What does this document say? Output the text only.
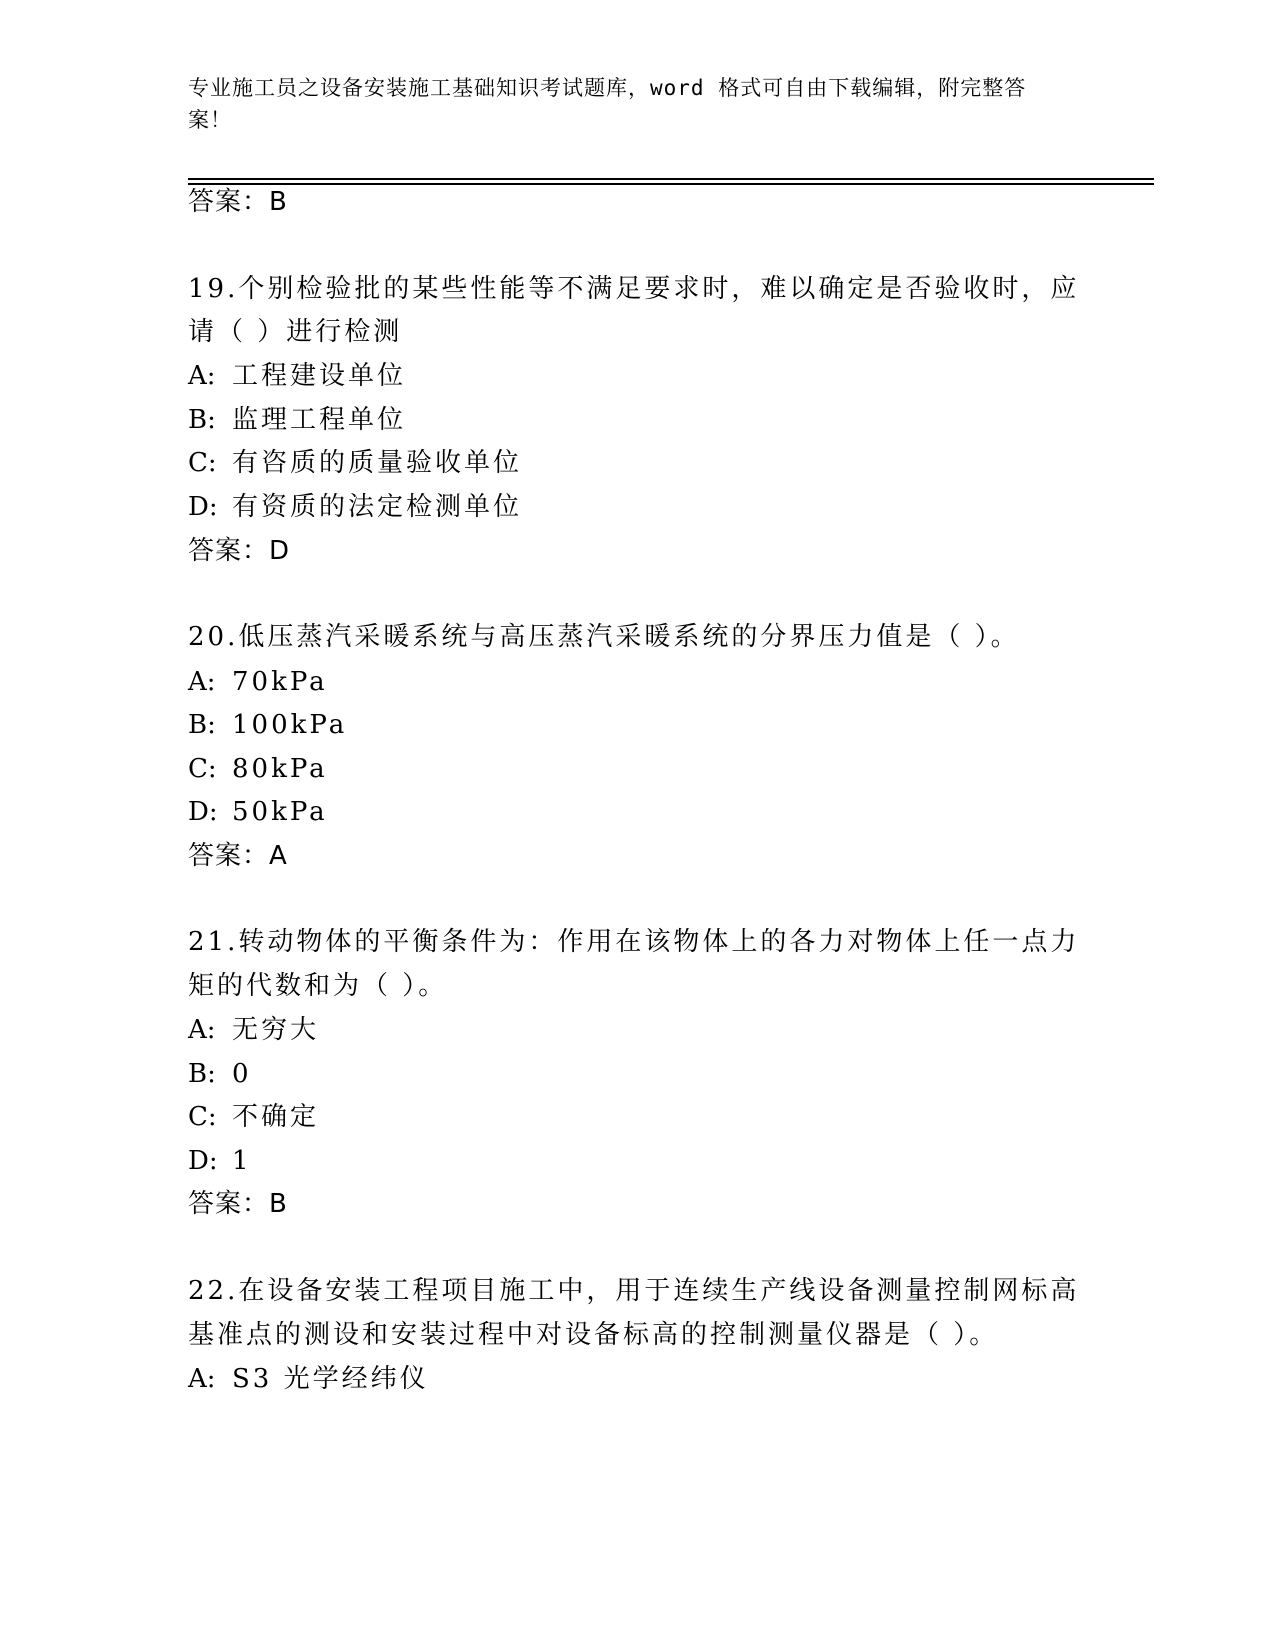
专业施工员之设备安装施工基础知识考试题库，word 格式可自由下载编辑，附完整答案！
答案：B
19.个别检验批的某些性能等不满足要求时，难以确定是否验收时，应
请（ ）进行检测
A: 工程建设单位
B: 监理工程单位
C: 有咨质的质量验收单位
D: 有资质的法定检测单位
答案：D
20.低压蒸汽采暖系统与高压蒸汽采暖系统的分界压力值是（ ）。
A: 70kPa
B: 100kPa
C: 80kPa
D: 50kPa
答案：A
21.转动物体的平衡条件为：作用在该物体上的各力对物体上任一点力
矩的代数和为（ ）。
A: 无穷大
B: 0
C: 不确定
D: 1
答案：B
22.在设备安装工程项目施工中，用于连续生产线设备测量控制网标高
基准点的测设和安装过程中对设备标高的控制测量仪器是（ ）。
A: S3 光学经纬仪
